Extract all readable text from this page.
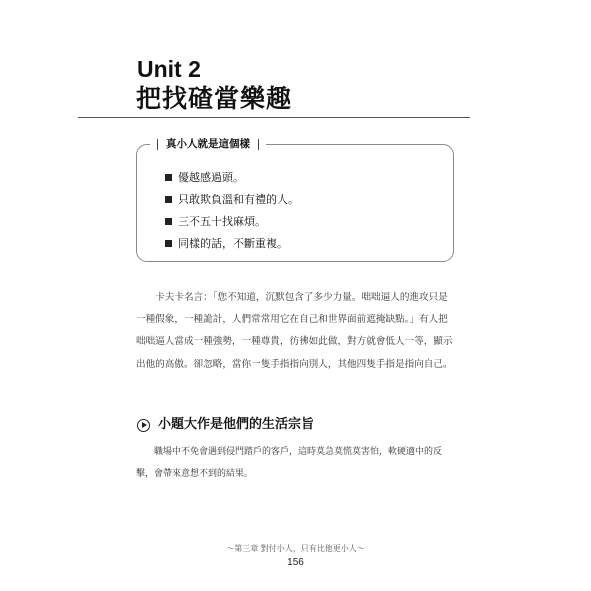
Unit 2
把找碴當樂趣
真小人就是這個樣
優越感過頭。
只敢欺負溫和有禮的人。
三不五十找麻煩。
同樣的話，不斷重複。

卡夫卡名言：「您不知道，沉默包含了多少力量。咄咄逼人的進攻只是一種假象，一種詭計，人們常常用它在自己和世界面前遮掩缺點。」有人把咄咄逼人當成一種強勢，一種尊貴，彷彿如此做，對方就會低人一等，顯示出他的高傲。卻忽略，當你一隻手指指向別人，其他四隻手指是指向自己。

小題大作是他們的生活宗旨

職場中不免會遇到侵門踏戶的客戶，這時莫急莫慌莫害怕，軟硬適中的反擊，會帶來意想不到的結果。

～第三章 對付小人，只有比他更小人～
156
